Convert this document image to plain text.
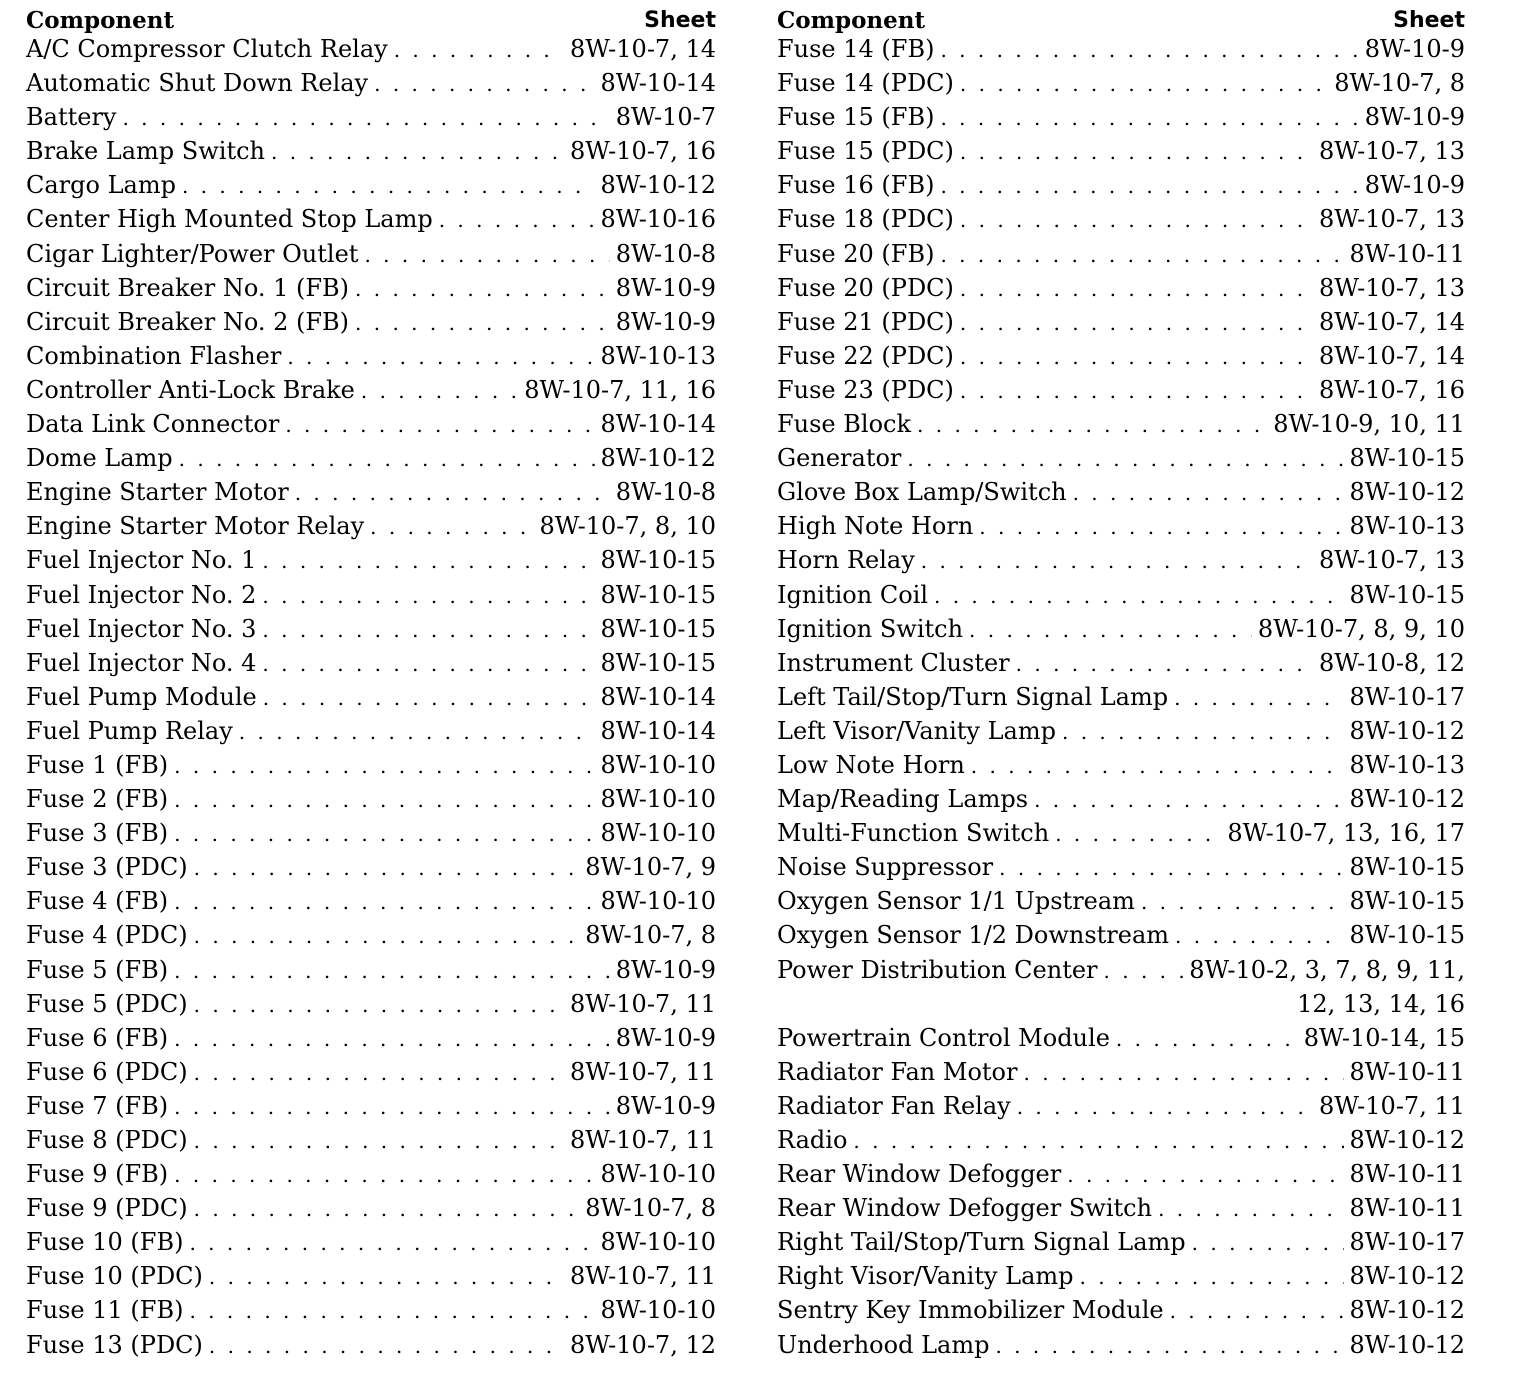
Component	Sheet
A/C Compressor Clutch Relay . . .	8W-10-7, 14
Automatic Shut Down Relay . . .	8W-10-14
Battery . . .	8W-10-7
Brake Lamp Switch . . .	8W-10-7, 16
Cargo Lamp . . .	8W-10-12
Center High Mounted Stop Lamp . . .	8W-10-16
Cigar Lighter/Power Outlet . . .	8W-10-8
Circuit Breaker No. 1 (FB) . . .	8W-10-9
Circuit Breaker No. 2 (FB) . . .	8W-10-9
Combination Flasher . . .	8W-10-13
Controller Anti-Lock Brake . . .	8W-10-7, 11, 16
Data Link Connector . . .	8W-10-14
Dome Lamp . . .	8W-10-12
Engine Starter Motor . . .	8W-10-8
Engine Starter Motor Relay . . .	8W-10-7, 8, 10
Fuel Injector No. 1 . . .	8W-10-15
Fuel Injector No. 2 . . .	8W-10-15
Fuel Injector No. 3 . . .	8W-10-15
Fuel Injector No. 4 . . .	8W-10-15
Fuel Pump Module . . .	8W-10-14
Fuel Pump Relay . . .	8W-10-14
Fuse 1 (FB) . . .	8W-10-10
Fuse 2 (FB) . . .	8W-10-10
Fuse 3 (FB) . . .	8W-10-10
Fuse 3 (PDC) . . .	8W-10-7, 9
Fuse 4 (FB) . . .	8W-10-10
Fuse 4 (PDC) . . .	8W-10-7, 8
Fuse 5 (FB) . . .	8W-10-9
Fuse 5 (PDC) . . .	8W-10-7, 11
Fuse 6 (FB) . . .	8W-10-9
Fuse 6 (PDC) . . .	8W-10-7, 11
Fuse 7 (FB) . . .	8W-10-9
Fuse 8 (PDC) . . .	8W-10-7, 11
Fuse 9 (FB) . . .	8W-10-10
Fuse 9 (PDC) . . .	8W-10-7, 8
Fuse 10 (FB) . . .	8W-10-10
Fuse 10 (PDC) . . .	8W-10-7, 11
Fuse 11 (FB) . . .	8W-10-10
Fuse 13 (PDC) . . .	8W-10-7, 12
Component	Sheet
Fuse 14 (FB) . . .	8W-10-9
Fuse 14 (PDC) . . .	8W-10-7, 8
Fuse 15 (FB) . . .	8W-10-9
Fuse 15 (PDC) . . .	8W-10-7, 13
Fuse 16 (FB) . . .	8W-10-9
Fuse 18 (PDC) . . .	8W-10-7, 13
Fuse 20 (FB) . . .	8W-10-11
Fuse 20 (PDC) . . .	8W-10-7, 13
Fuse 21 (PDC) . . .	8W-10-7, 14
Fuse 22 (PDC) . . .	8W-10-7, 14
Fuse 23 (PDC) . . .	8W-10-7, 16
Fuse Block . . .	8W-10-9, 10, 11
Generator . . .	8W-10-15
Glove Box Lamp/Switch . . .	8W-10-12
High Note Horn . . .	8W-10-13
Horn Relay . . .	8W-10-7, 13
Ignition Coil . . .	8W-10-15
Ignition Switch . . .	8W-10-7, 8, 9, 10
Instrument Cluster . . .	8W-10-8, 12
Left Tail/Stop/Turn Signal Lamp . . .	8W-10-17
Left Visor/Vanity Lamp . . .	8W-10-12
Low Note Horn . . .	8W-10-13
Map/Reading Lamps . . .	8W-10-12
Multi-Function Switch . . .	8W-10-7, 13, 16, 17
Noise Suppressor . . .	8W-10-15
Oxygen Sensor 1/1 Upstream . . .	8W-10-15
Oxygen Sensor 1/2 Downstream . . .	8W-10-15
Power Distribution Center . . .	8W-10-2, 3, 7, 8, 9, 11,
12, 13, 14, 16
Powertrain Control Module . . .	8W-10-14, 15
Radiator Fan Motor . . .	8W-10-11
Radiator Fan Relay . . .	8W-10-7, 11
Radio . . .	8W-10-12
Rear Window Defogger . . .	8W-10-11
Rear Window Defogger Switch . . .	8W-10-11
Right Tail/Stop/Turn Signal Lamp . . .	8W-10-17
Right Visor/Vanity Lamp . . .	8W-10-12
Sentry Key Immobilizer Module . . .	8W-10-12
Underhood Lamp . . .	8W-10-12
